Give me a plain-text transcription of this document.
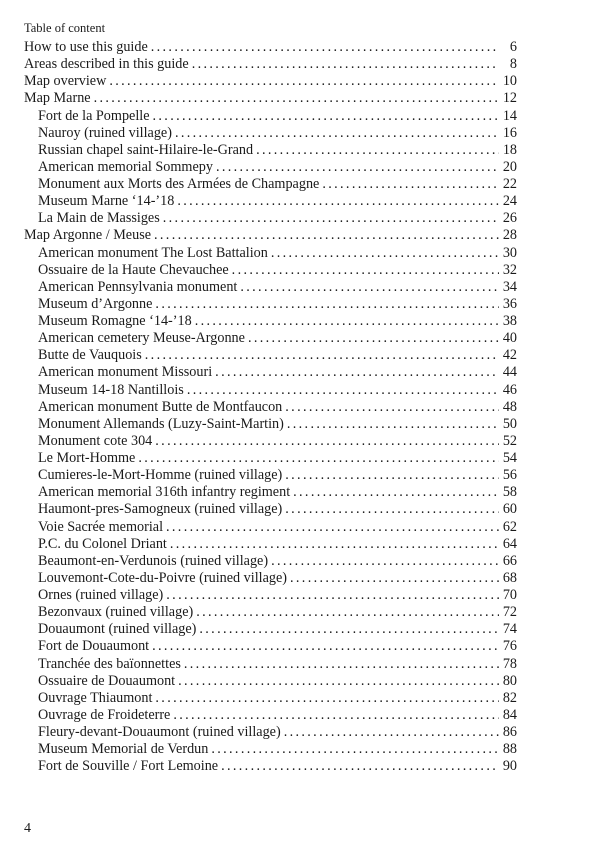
Table of content
How to use this guide . . .	6
Areas described in this guide . . .	8
Map overview . . .	10
Map Marne . . .	12
Fort de la Pompelle . . .	14
Nauroy (ruined village) . . .	16
Russian chapel saint-Hilaire-le-Grand . . .	18
American memorial Sommepy . . .	20
Monument aux Morts des Armées de Champagne . . .	22
Museum Marne ‘14-’18 . . .	24
La Main de Massiges . . .	26
Map Argonne / Meuse . . .	28
American monument The Lost Battalion . . .	30
Ossuaire de la Haute Chevauchee . . .	32
American Pennsylvania monument . . .	34
Museum d’Argonne . . .	36
Museum Romagne ‘14-’18 . . .	38
American cemetery Meuse-Argonne . . .	40
Butte de Vauquois . . .	42
American monument Missouri . . .	44
Museum 14-18 Nantillois . . .	46
American monument Butte de Montfaucon . . .	48
Monument Allemands (Luzy-Saint-Martin) . . .	50
Monument cote 304 . . .	52
Le Mort-Homme . . .	54
Cumieres-le-Mort-Homme (ruined village) . . .	56
American memorial 316th infantry regiment . . .	58
Haumont-pres-Samogneux (ruined village) . . .	60
Voie Sacrée memorial . . .	62
P.C. du Colonel Driant . . .	64
Beaumont-en-Verdunois (ruined village) . . .	66
Louvemont-Cote-du-Poivre (ruined village) . . .	68
Ornes (ruined village) . . .	70
Bezonvaux (ruined village) . . .	72
Douaumont (ruined village) . . .	74
Fort de Douaumont . . .	76
Tranchée des baïonnettes . . .	78
Ossuaire de Douaumont . . .	80
Ouvrage Thiaumont . . .	82
Ouvrage de Froideterre . . .	84
Fleury-devant-Douaumont (ruined village) . . .	86
Museum Memorial de Verdun . . .	88
Fort de Souville / Fort Lemoine . . .	90
4
